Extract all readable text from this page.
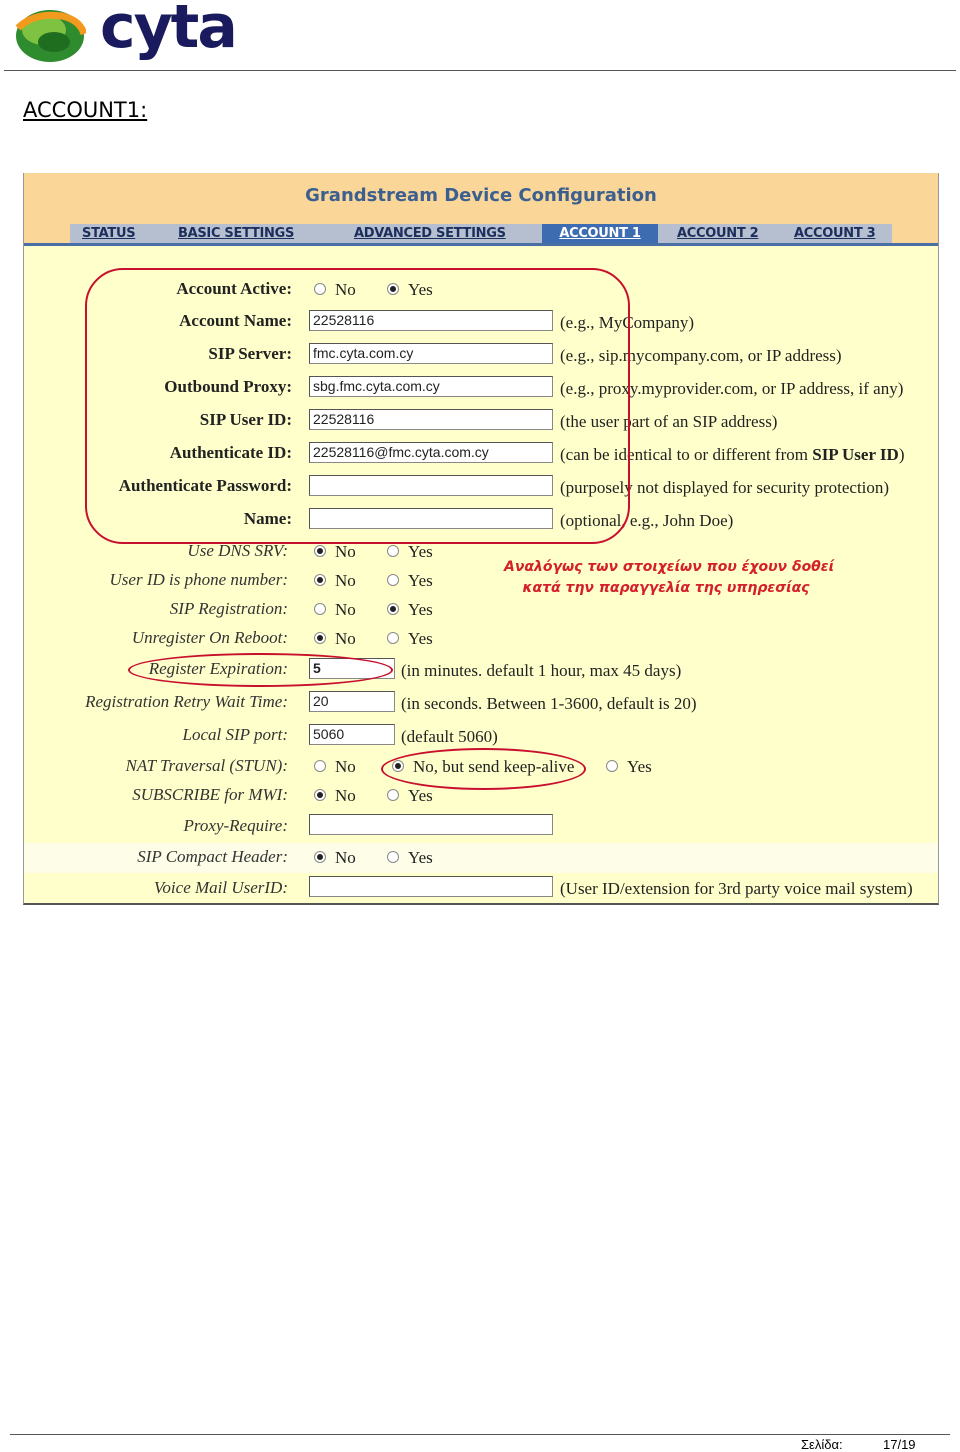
cyta
ACCOUNT1:
Grandstream Device Configuration
STATUS	BASIC SETTINGS	ADVANCED SETTINGS	ACCOUNT 1	ACCOUNT 2	ACCOUNT 3
Account Active:	No	Yes
Account Name: 22528116	(e.g., MyCompany)
SIP Server: fmc.cyta.com.cy	(e.g., sip.mycompany.com, or IP address)
Outbound Proxy: sbg.fmc.cyta.com.cy	(e.g., proxy.myprovider.com, or IP address, if any)
SIP User ID: 22528116	(the user part of an SIP address)
Authenticate ID: 22528116@fmc.cyta.com.cy	(can be identical to or different from SIP User ID)
Authenticate Password:	(purposely not displayed for security protection)
Name:	(optional, e.g., John Doe)
Use DNS SRV:	No	Yes
User ID is phone number:	No	Yes
SIP Registration:	No	Yes
Unregister On Reboot:	No	Yes
Register Expiration: 5	(in minutes. default 1 hour, max 45 days)
Registration Retry Wait Time: 20	(in seconds. Between 1-3600, default is 20)
Local SIP port: 5060	(default 5060)
NAT Traversal (STUN):	No	No, but send keep-alive	Yes
SUBSCRIBE for MWI:	No	Yes
Proxy-Require:
SIP Compact Header:	No	Yes
Voice Mail UserID:	(User ID/extension for 3rd party voice mail system)
Αναλόγως των στοιχείων που έχουν δοθεί
κατά την παραγγελία της υπηρεσίας
Σελίδα:	17/19
